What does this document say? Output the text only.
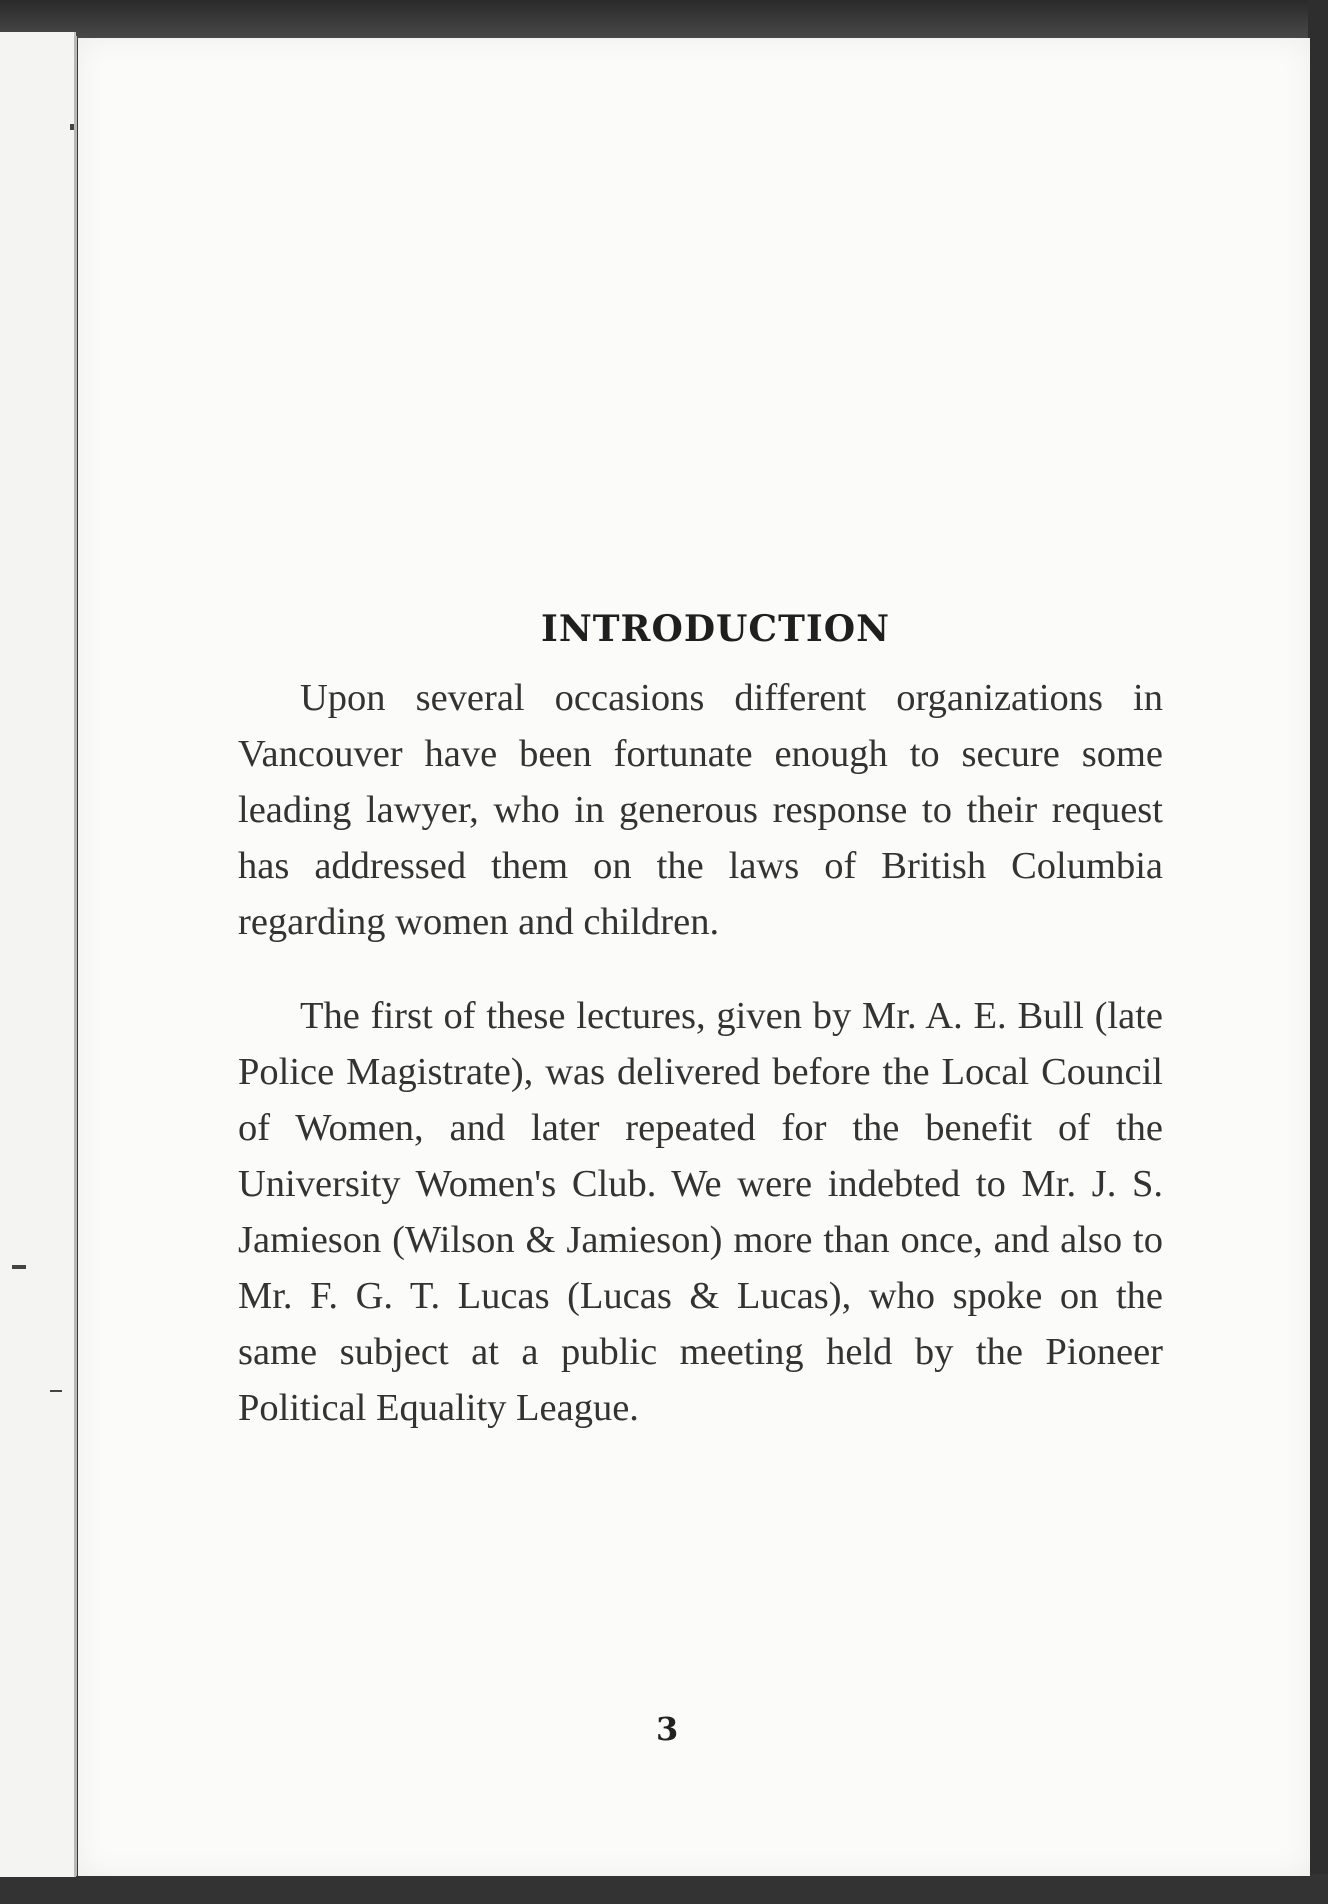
INTRODUCTION

Upon several occasions different organizations in Vancouver have been fortunate enough to secure some leading lawyer, who in generous response to their request has addressed them on the laws of British Columbia regarding women and children.

The first of these lectures, given by Mr. A. E. Bull (late Police Magistrate), was delivered before the Local Council of Women, and later repeated for the benefit of the University Women's Club. We were indebted to Mr. J. S. Jamieson (Wilson & Jamieson) more than once, and also to Mr. F. G. T. Lucas (Lucas & Lucas), who spoke on the same subject at a public meeting held by the Pioneer Political Equality League.

3
